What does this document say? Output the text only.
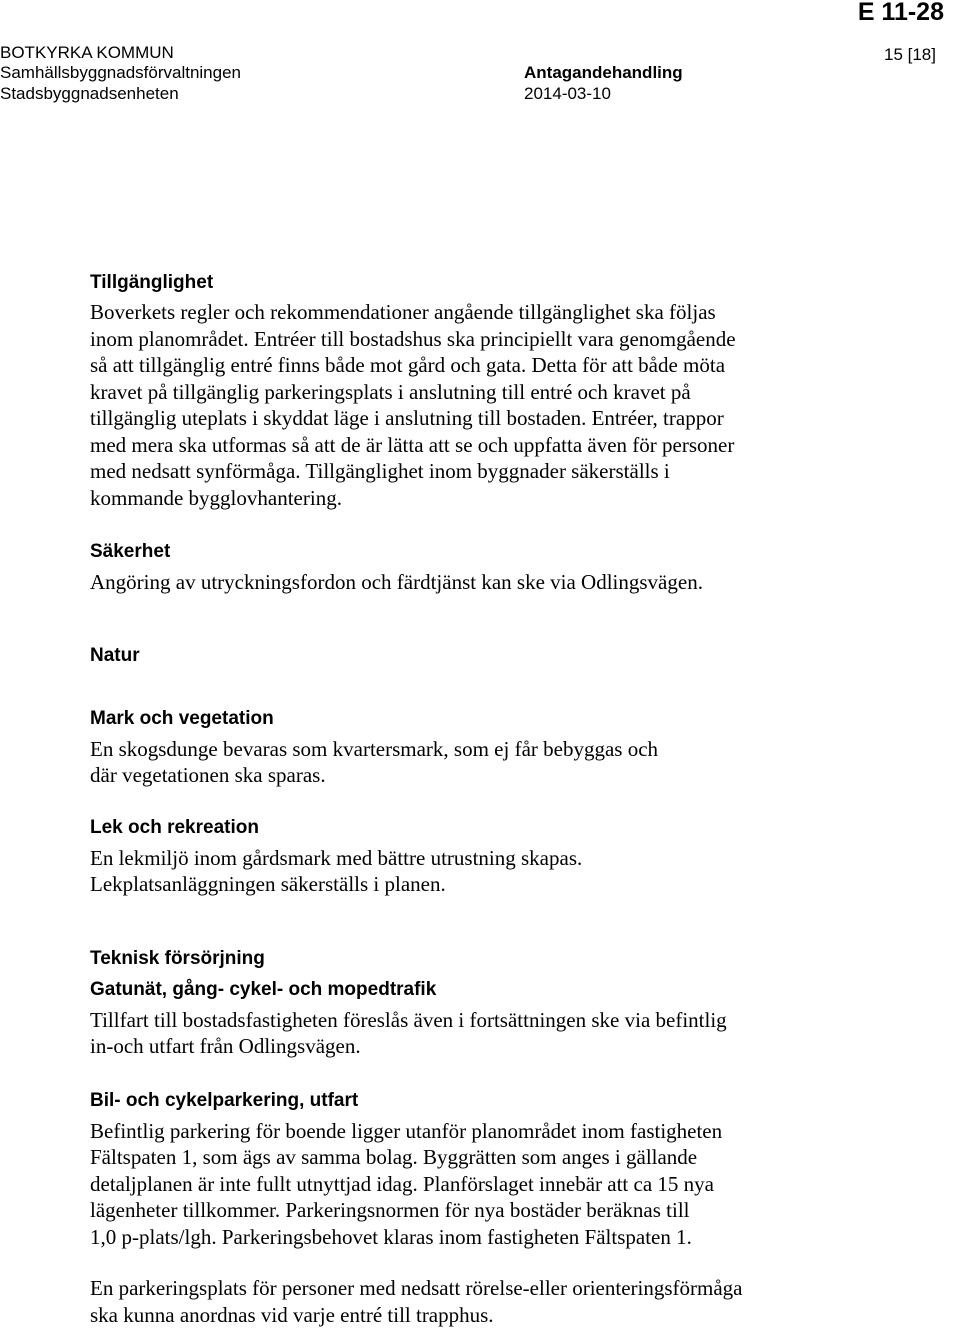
E 11-28
BOTKYRKA KOMMUN
Samhällsbyggnadsförvaltningen
Stadsbyggnadsenheten
Antagandehandling
2014-03-10
15 [18]
Tillgänglighet

Boverkets regler och rekommendationer angående tillgänglighet ska följas
inom planområdet. Entréer till bostadshus ska principiellt vara genomgående
så att tillgänglig entré finns både mot gård och gata. Detta för att både möta
kravet på tillgänglig parkeringsplats i anslutning till entré och kravet på
tillgänglig uteplats i skyddat läge i anslutning till bostaden. Entréer, trappor
med mera ska utformas så att de är lätta att se och uppfatta även för personer
med nedsatt synförmåga. Tillgänglighet inom byggnader säkerställs i
kommande bygglovhantering.

Säkerhet

Angöring av utryckningsfordon och färdtjänst kan ske via Odlingsvägen.

Natur
Mark och vegetation

En skogsdunge bevaras som kvartersmark, som ej får bebyggas och
där vegetationen ska sparas.

Lek och rekreation

En lekmiljö inom gårdsmark med bättre utrustning skapas.
Lekplatsanläggningen säkerställs i planen.

Teknisk försörjning
Gatunät, gång- cykel- och mopedtrafik

Tillfart till bostadsfastigheten föreslås även i fortsättningen ske via befintlig
in-och utfart från Odlingsvägen.

Bil- och cykelparkering, utfart

Befintlig parkering för boende ligger utanför planområdet inom fastigheten
Fältspaten 1, som ägs av samma bolag. Byggrätten som anges i gällande
detaljplanen är inte fullt utnyttjad idag. Planförslaget innebär att ca 15 nya
lägenheter tillkommer. Parkeringsnormen för nya bostäder beräknas till
1,0 p-plats/lgh. Parkeringsbehovet klaras inom fastigheten Fältspaten 1.

En parkeringsplats för personer med nedsatt rörelse-eller orienteringsförmåga
ska kunna anordnas vid varje entré till trapphus.
